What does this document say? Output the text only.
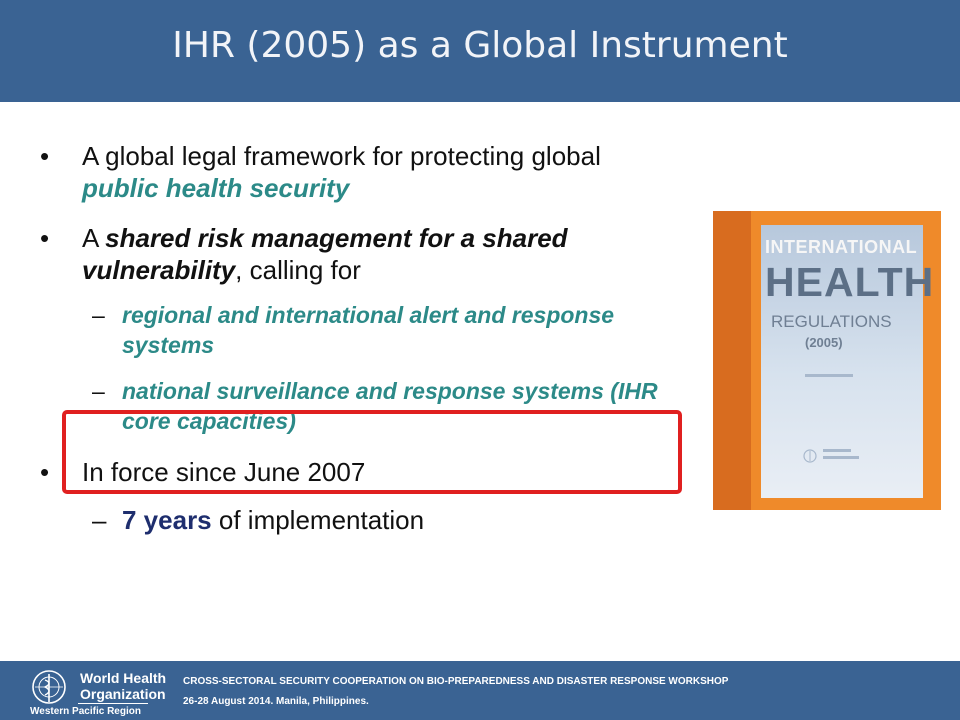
IHR (2005) as a Global Instrument

• A global legal framework for protecting global public health security

• A shared risk management for a shared vulnerability, calling for

– regional and international alert and response systems

– national surveillance and response systems (IHR core capacities)

• In force since June 2007

– 7 years of implementation

INTERNATIONAL
HEALTH
REGULATIONS
(2005)
World Health
Organization
Western Pacific Region
CROSS-SECTORAL SECURITY COOPERATION ON BIO-PREPAREDNESS AND DISASTER RESPONSE WORKSHOP
26-28 August 2014. Manila, Philippines.
